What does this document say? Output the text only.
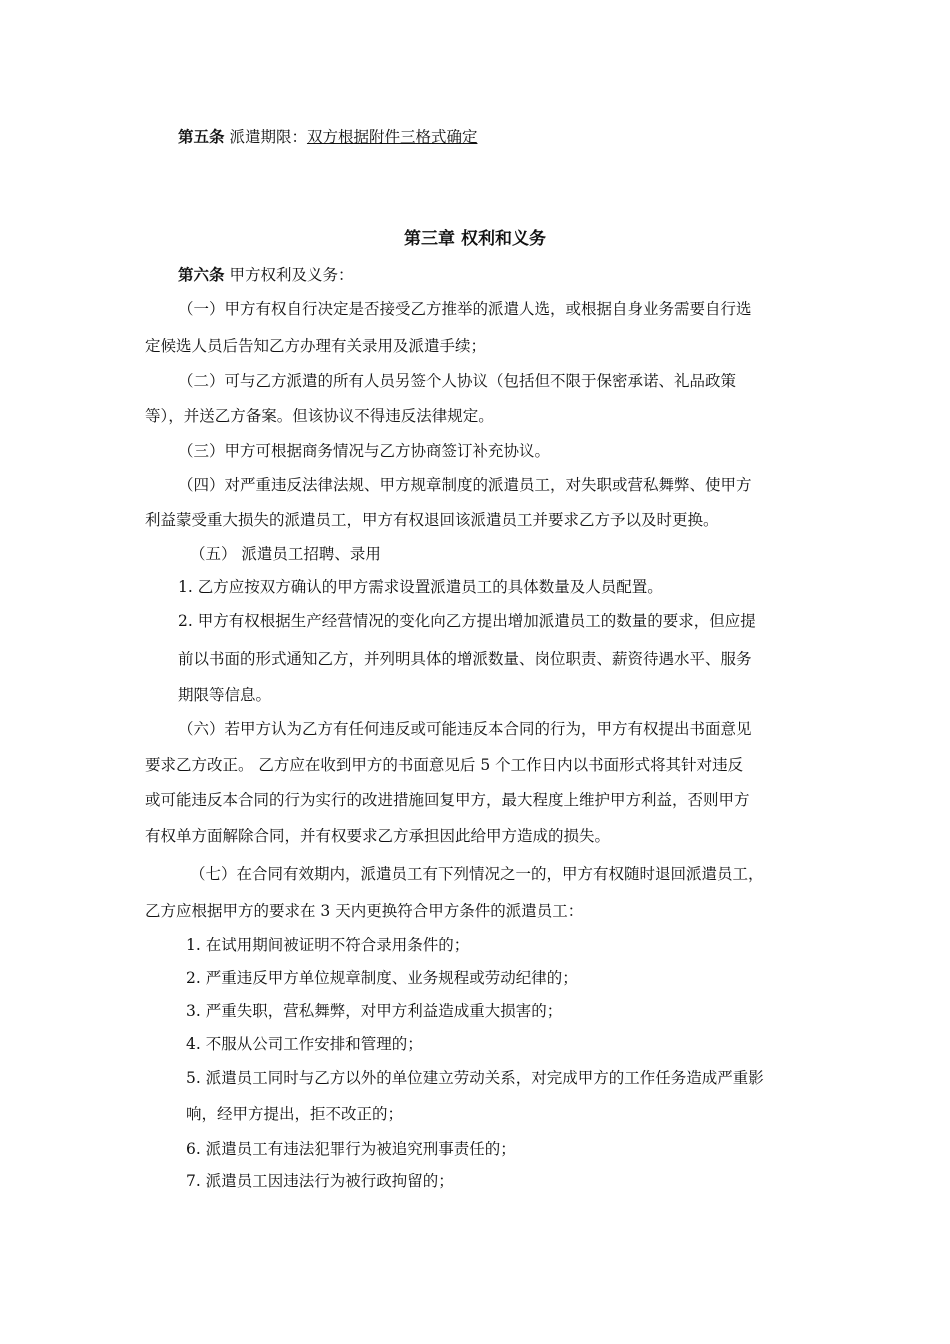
第五条 派遣期限：双方根据附件三格式确定
第三章 权利和义务
第六条 甲方权利及义务：
（一）甲方有权自行决定是否接受乙方推举的派遣人选，或根据自身业务需要自行选
定候选人员后告知乙方办理有关录用及派遣手续；
（二）可与乙方派遣的所有人员另签个人协议（包括但不限于保密承诺、礼品政策
等），并送乙方备案。但该协议不得违反法律规定。
（三）甲方可根据商务情况与乙方协商签订补充协议。
（四）对严重违反法律法规、甲方规章制度的派遣员工，对失职或营私舞弊、使甲方
利益蒙受重大损失的派遣员工，甲方有权退回该派遣员工并要求乙方予以及时更换。
（五） 派遣员工招聘、录用
1. 乙方应按双方确认的甲方需求设置派遣员工的具体数量及人员配置。
2. 甲方有权根据生产经营情况的变化向乙方提出增加派遣员工的数量的要求，但应提
前以书面的形式通知乙方，并列明具体的增派数量、岗位职责、薪资待遇水平、服务
期限等信息。
（六）若甲方认为乙方有任何违反或可能违反本合同的行为，甲方有权提出书面意见
要求乙方改正。 乙方应在收到甲方的书面意见后 5 个工作日内以书面形式将其针对违反
或可能违反本合同的行为实行的改进措施回复甲方，最大程度上维护甲方利益，否则甲方
有权单方面解除合同，并有权要求乙方承担因此给甲方造成的损失。
（七）在合同有效期内，派遣员工有下列情况之一的，甲方有权随时退回派遣员工，
乙方应根据甲方的要求在 3 天内更换符合甲方条件的派遣员工：
1. 在试用期间被证明不符合录用条件的；
2. 严重违反甲方单位规章制度、业务规程或劳动纪律的；
3. 严重失职，营私舞弊，对甲方利益造成重大损害的；
4. 不服从公司工作安排和管理的；
5. 派遣员工同时与乙方以外的单位建立劳动关系，对完成甲方的工作任务造成严重影
响，经甲方提出，拒不改正的；
6. 派遣员工有违法犯罪行为被追究刑事责任的；
7. 派遣员工因违法行为被行政拘留的；
